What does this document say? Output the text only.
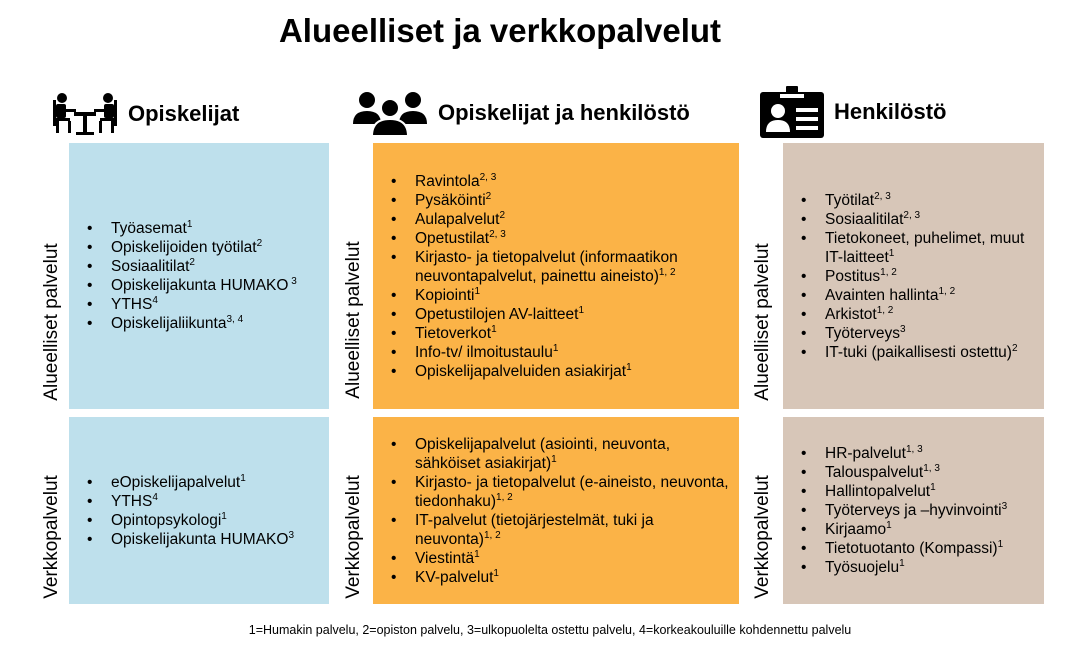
Alueelliset ja verkkopalvelut
Opiskelijat	Opiskelijat ja henkilöstö	Henkilöstö
Alueelliset palvelut
Verkkopalvelut
Alueelliset palvelut
Verkkopalvelut
Alueelliset palvelut
Verkkopalvelut
• Työasemat$^1$
• Opiskelijoiden työtilat$^2$
• Sosiaalitilat$^2$
• Opiskelijakunta HUMAKO $^3$
• YTHS$^4$
• Opiskelijaliikunta$^{3, 4}$
• Ravintola$^{2, 3}$
• Pysäköinti$^2$
• Aulapalvelut$^2$
• Opetustilat$^{2, 3}$
• Kirjasto- ja tietopalvelut (informaatikon neuvontapalvelut, painettu aineisto)$^{1, 2}$
• Kopiointi$^1$
• Opetustilojen AV-laitteet$^1$
• Tietoverkot$^1$
• Info-tv/ ilmoitustaulu$^1$
• Opiskelijapalveluiden asiakirjat$^1$
• Työtilat$^{2, 3}$
• Sosiaalitilat$^{2, 3}$
• Tietokoneet, puhelimet, muut IT-laitteet$^1$
• Postitus$^{1, 2}$
• Avainten hallinta$^{1, 2}$
• Arkistot$^{1, 2}$
• Työterveys$^3$
• IT-tuki (paikallisesti ostettu)$^2$
• eOpiskelijapalvelut$^1$
• YTHS$^4$
• Opintopsykologi$^1$
• Opiskelijakunta HUMAKO$^3$
• Opiskelijapalvelut (asiointi, neuvonta, sähköiset asiakirjat)$^1$
• Kirjasto- ja tietopalvelut (e-aineisto, neuvonta, tiedonhaku)$^{1, 2}$
• IT-palvelut (tietojärjestelmät, tuki ja neuvonta)$^{1, 2}$
• Viestintä$^1$
• KV-palvelut$^1$
• HR-palvelut$^{1, 3}$
• Talouspalvelut$^{1, 3}$
• Hallintopalvelut$^1$
• Työterveys ja –hyvinvointi$^3$
• Kirjaamo$^1$
• Tietotuotanto (Kompassi)$^1$
• Työsuojelu$^1$
1=Humakin palvelu, 2=opiston palvelu, 3=ulkopuolelta ostettu palvelu, 4=korkeakouluille kohdennettu palvelu
